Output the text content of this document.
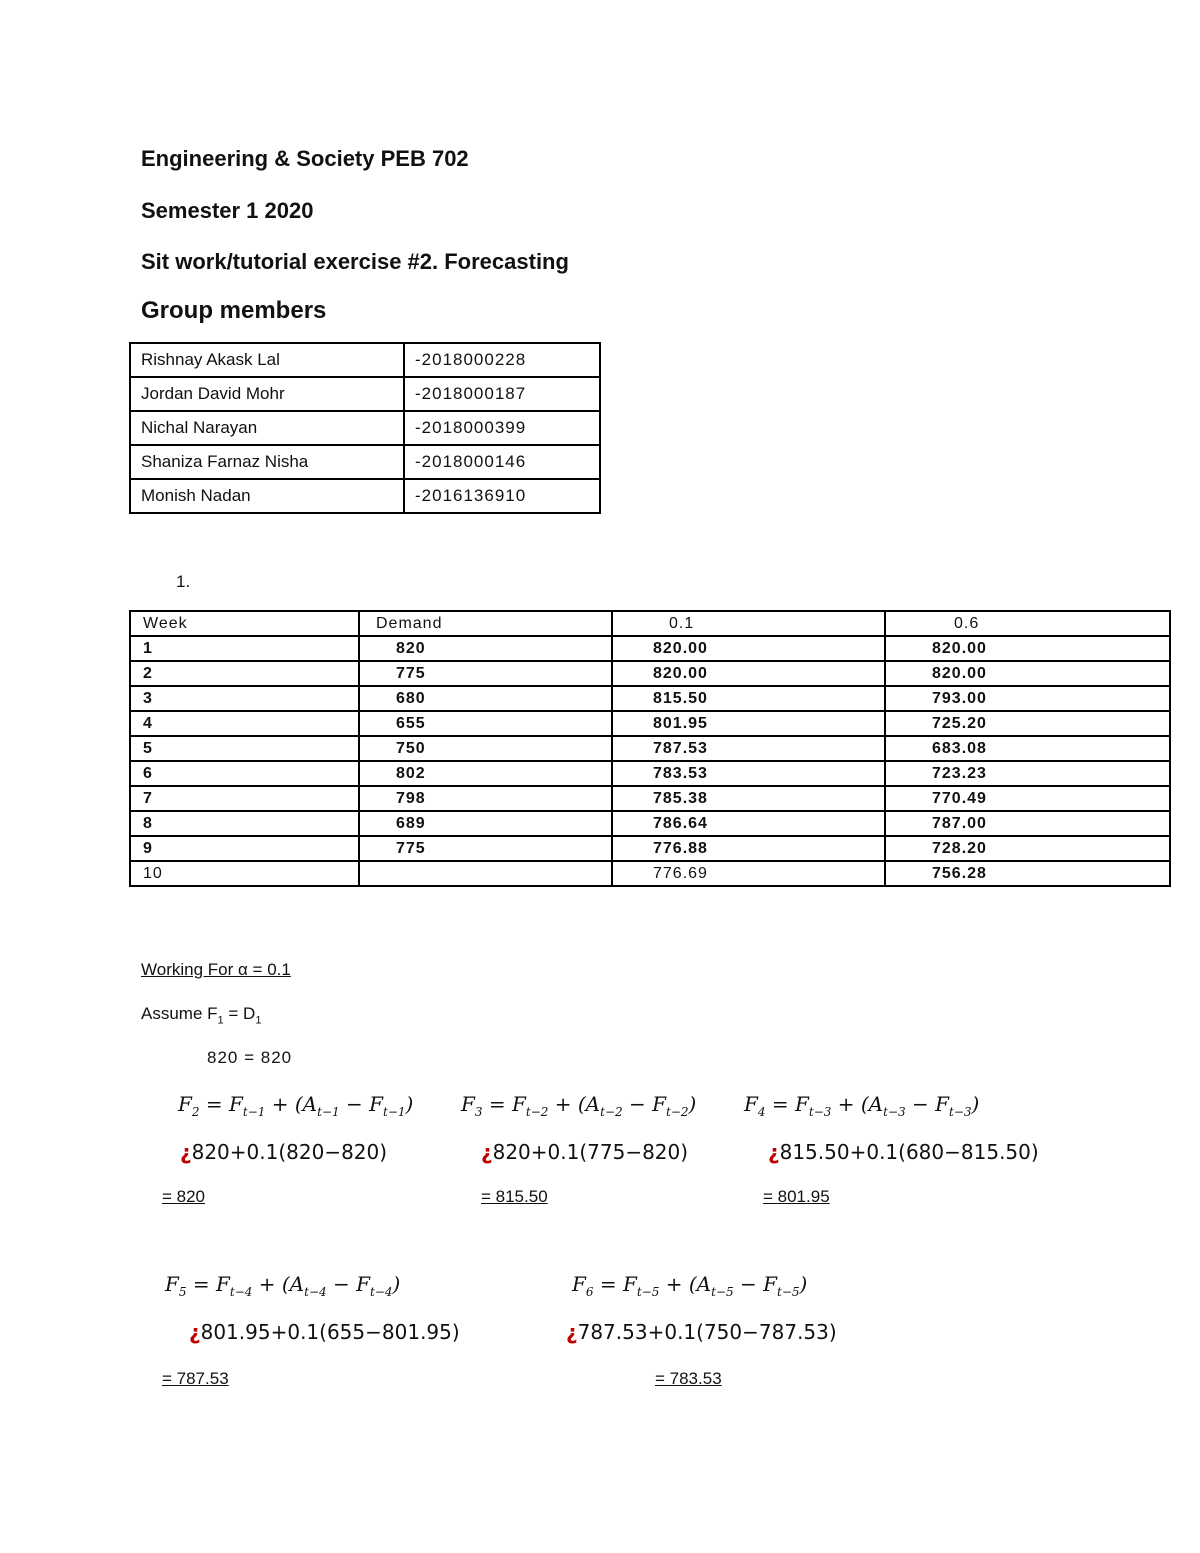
Engineering & Society PEB 702
Semester 1 2020
Sit work/tutorial exercise #2. Forecasting
Group members
Rishnay Akask Lal	-2018000228
Jordan David Mohr	-2018000187
Nichal Narayan	-2018000399
Shaniza Farnaz Nisha	-2018000146
Monish Nadan	-2016136910
1.
Week	Demand	0.1	0.6
1	820	820.00	820.00
2	775	820.00	820.00
3	680	815.50	793.00
4	655	801.95	725.20
5	750	787.53	683.08
6	802	783.53	723.23
7	798	785.38	770.49
8	689	786.64	787.00
9	775	776.88	728.20
10		776.69	756.28
Working For α = 0.1
Assume $F_1 = D_1$
820 = 820
$F_2 = F_{t-1} + (A_{t-1} - F_{t-1})$
¿820+0.1(820−820)
= 820
$F_3 = F_{t-2} + (A_{t-2} - F_{t-2})$
¿820+0.1(775−820)
= 815.50
$F_4 = F_{t-3} + (A_{t-3} - F_{t-3})$
¿815.50+0.1(680−815.50)
= 801.95
$F_5 = F_{t-4} + (A_{t-4} - F_{t-4})$
¿801.95+0.1(655−801.95)
= 787.53
$F_6 = F_{t-5} + (A_{t-5} - F_{t-5})$
¿787.53+0.1(750−787.53)
= 783.53
